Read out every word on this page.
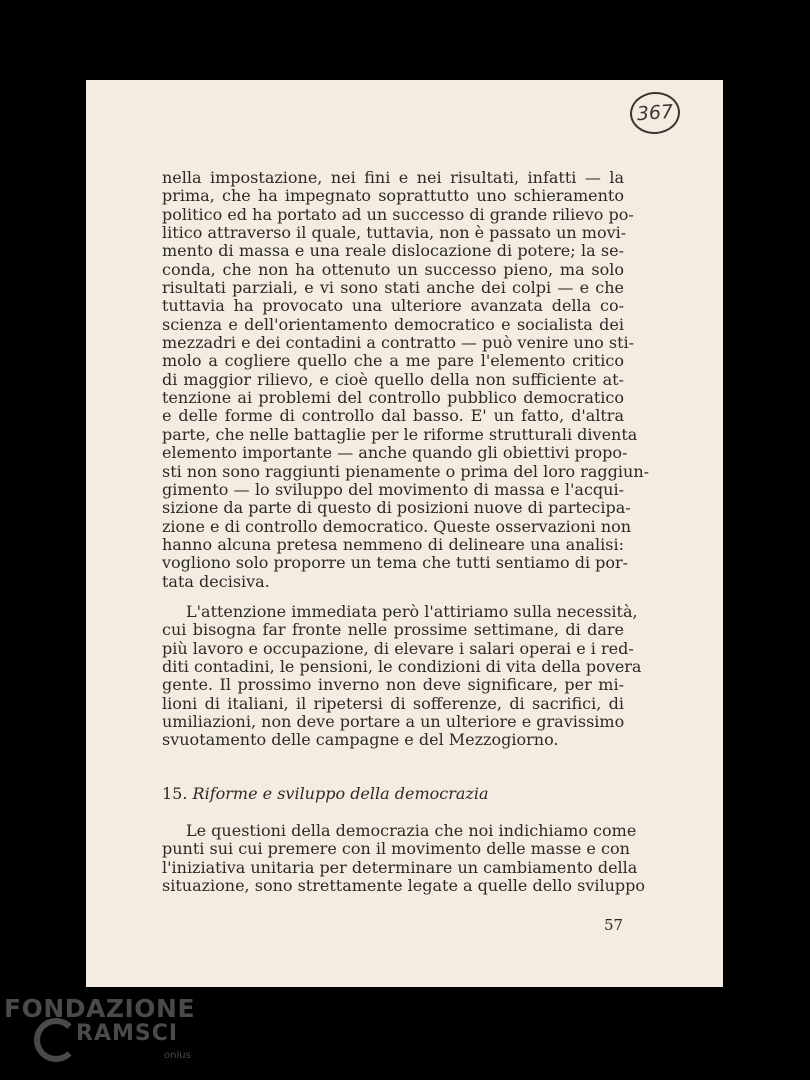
367
nella impostazione, nei fini e nei risultati, infatti — la
prima, che ha impegnato soprattutto uno schieramento
politico ed ha portato ad un successo di grande rilievo po-
litico attraverso il quale, tuttavia, non è passato un movi-
mento di massa e una reale dislocazione di potere; la se-
conda, che non ha ottenuto un successo pieno, ma solo
risultati parziali, e vi sono stati anche dei colpi — e che
tuttavia ha provocato una ulteriore avanzata della co-
scienza e dell'orientamento democratico e socialista dei
mezzadri e dei contadini a contratto — può venire uno sti-
molo a cogliere quello che a me pare l'elemento critico
di maggior rilievo, e cioè quello della non sufficiente at-
tenzione ai problemi del controllo pubblico democratico
e delle forme di controllo dal basso. E' un fatto, d'altra
parte, che nelle battaglie per le riforme strutturali diventa
elemento importante — anche quando gli obiettivi propo-
sti non sono raggiunti pienamente o prima del loro raggiun-
gimento — lo sviluppo del movimento di massa e l'acqui-
sizione da parte di questo di posizioni nuove di partecipa-
zione e di controllo democratico. Queste osservazioni non
hanno alcuna pretesa nemmeno di delineare una analisi:
vogliono solo proporre un tema che tutti sentiamo di por-
tata decisiva.
L'attenzione immediata però l'attiriamo sulla necessità,
cui bisogna far fronte nelle prossime settimane, di dare
più lavoro e occupazione, di elevare i salari operai e i red-
diti contadini, le pensioni, le condizioni di vita della povera
gente. Il prossimo inverno non deve significare, per mi-
lioni di italiani, il ripetersi di sofferenze, di sacrifici, di
umiliazioni, non deve portare a un ulteriore e gravissimo
svuotamento delle campagne e del Mezzogiorno.
15. Riforme e sviluppo della democrazia
Le questioni della democrazia che noi indichiamo come
punti sui cui premere con il movimento delle masse e con
l'iniziativa unitaria per determinare un cambiamento della
situazione, sono strettamente legate a quelle dello sviluppo
57
FONDAZIONE
RAMSCI
onlus
